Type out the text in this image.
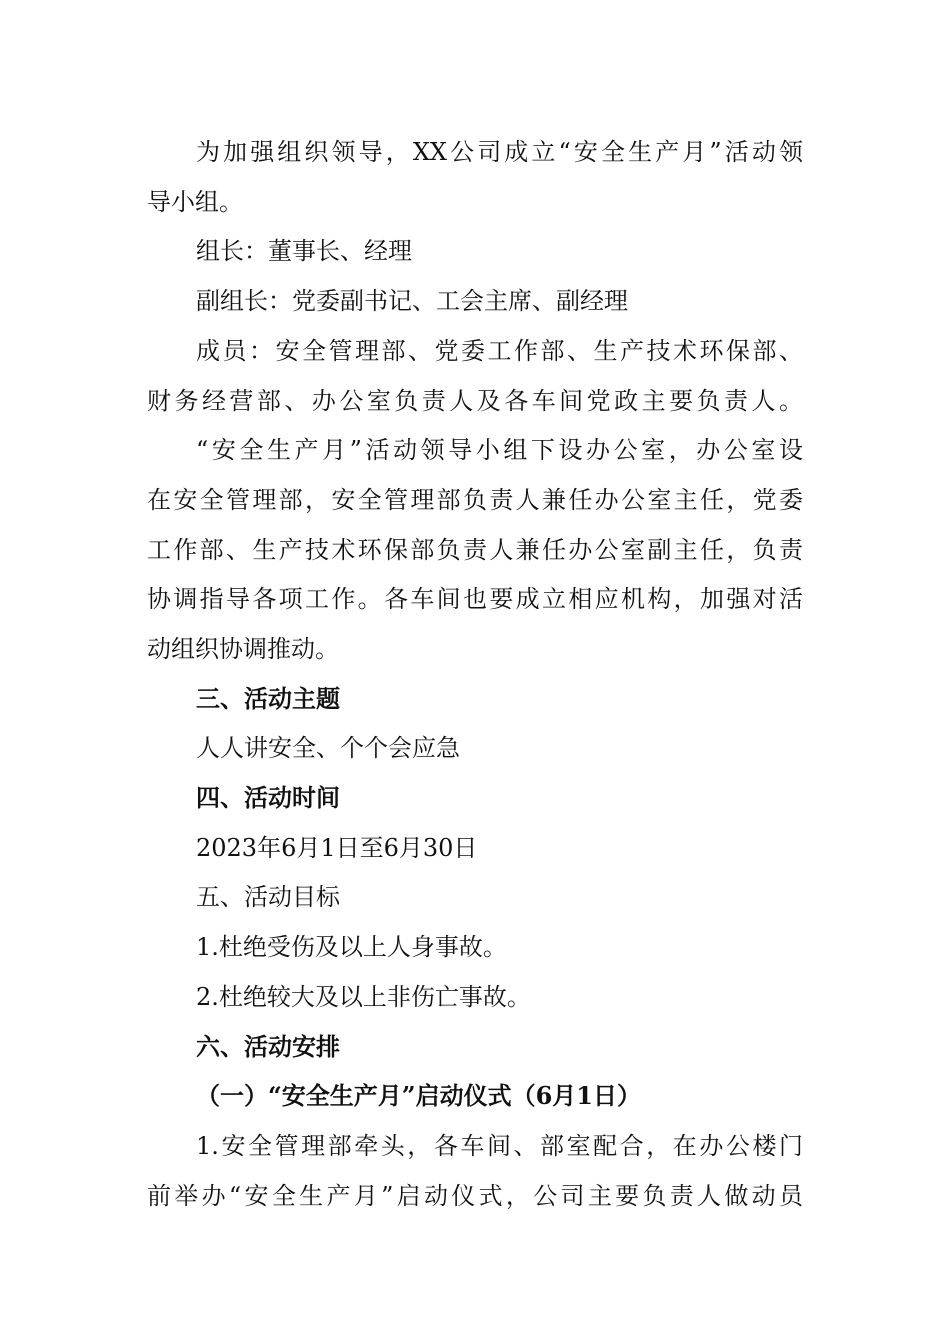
为加强组织领导，XX公司成立“安全生产月”活动领
导小组。
组长：董事长、经理
副组长：党委副书记、工会主席、副经理
成员：安全管理部、党委工作部、生产技术环保部、
财务经营部、办公室负责人及各车间党政主要负责人。
“安全生产月”活动领导小组下设办公室，办公室设
在安全管理部，安全管理部负责人兼任办公室主任，党委
工作部、生产技术环保部负责人兼任办公室副主任，负责
协调指导各项工作。各车间也要成立相应机构，加强对活
动组织协调推动。
三、活动主题
人人讲安全、个个会应急
四、活动时间
2023年6月1日至6月30日
五、活动目标
1.杜绝受伤及以上人身事故。
2.杜绝较大及以上非伤亡事故。
六、活动安排
（一）“安全生产月”启动仪式（6月1日）
1.安全管理部牵头，各车间、部室配合，在办公楼门
前举办“安全生产月”启动仪式，公司主要负责人做动员
